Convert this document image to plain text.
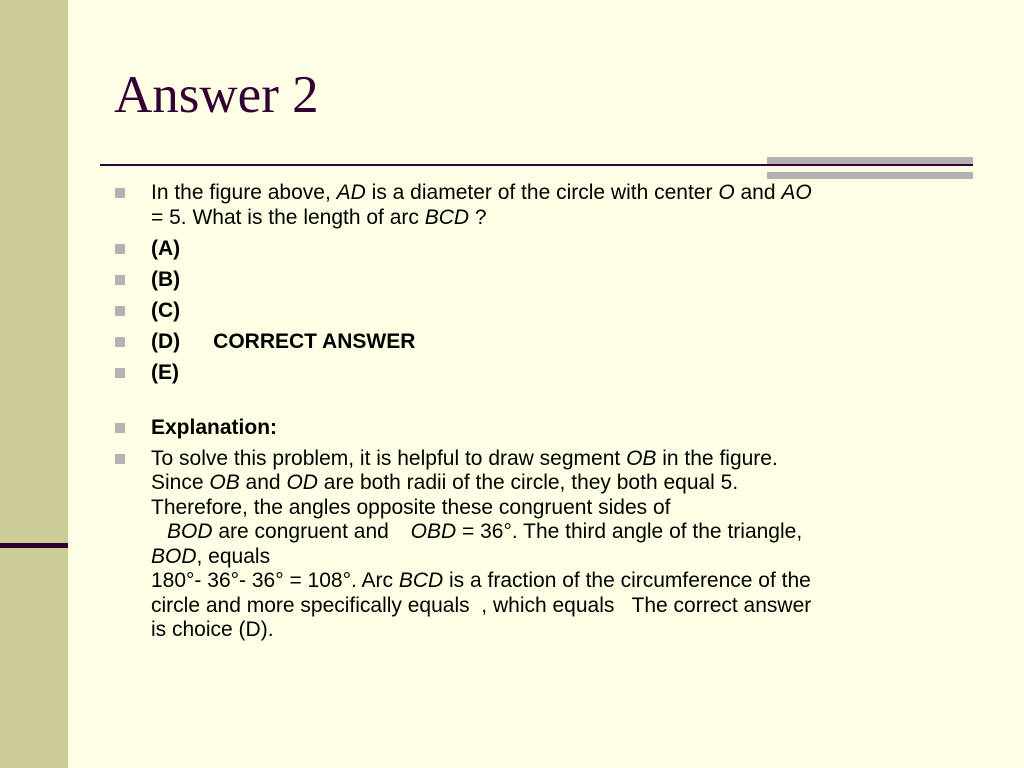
Answer 2
In the figure above, AD is a diameter of the circle with center O and AO
= 5. What is the length of arc BCD ?
(A)
(B)
(C)
(D) CORRECT ANSWER
(E)
Explanation:
To solve this problem, it is helpful to draw segment OB in the figure.
Since OB and OD are both radii of the circle, they both equal 5.
Therefore, the angles opposite these congruent sides of
BOD are congruent and OBD = 36°. The third angle of the triangle,
BOD, equals
180°- 36°- 36° = 108°. Arc BCD is a fraction of the circumference of the
circle and more specifically equals  , which equals   The correct answer
is choice (D).
